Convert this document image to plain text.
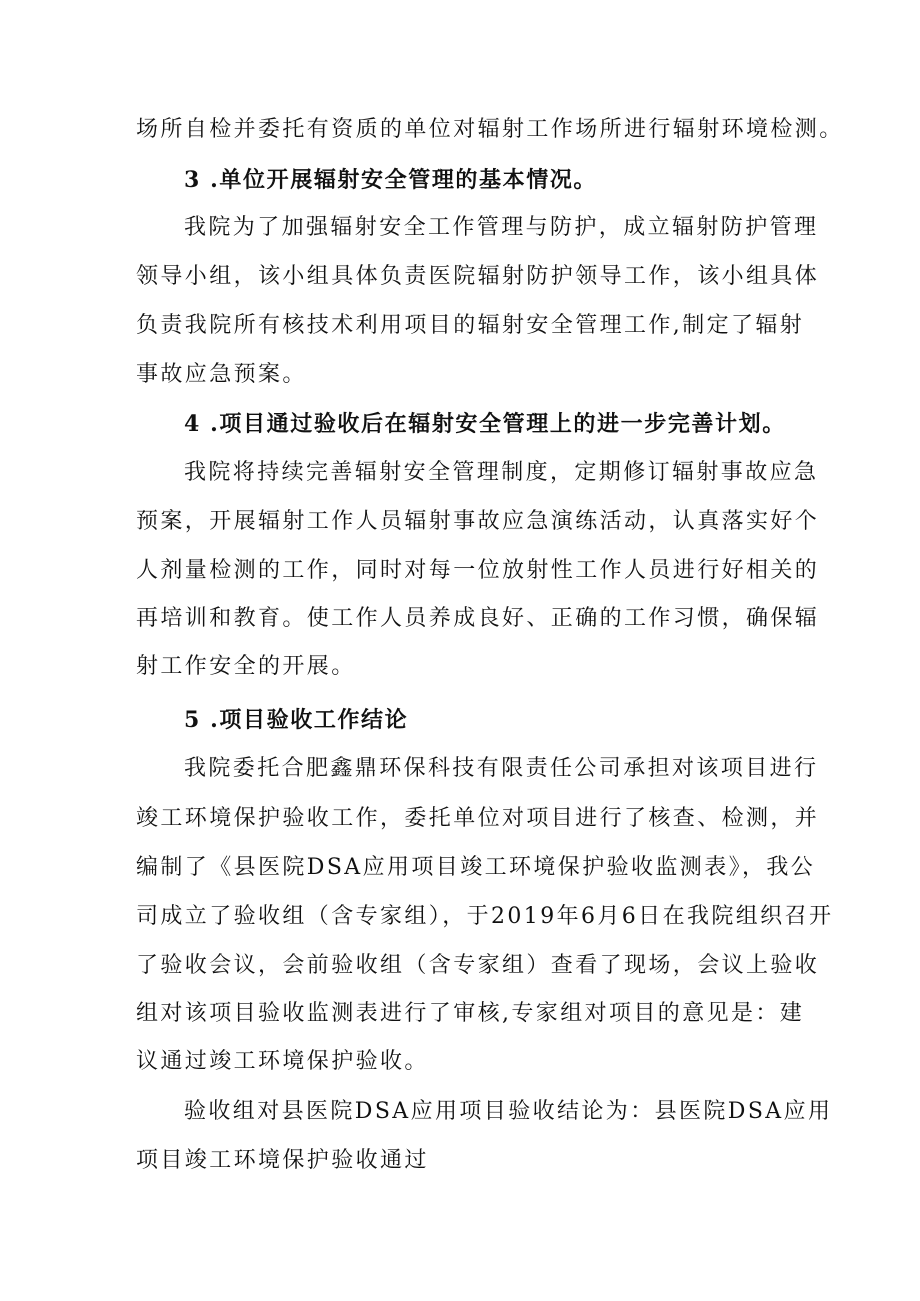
场所自检并委托有资质的单位对辐射工作场所进行辐射环境检测。
3 .单位开展辐射安全管理的基本情况。
我院为了加强辐射安全工作管理与防护，成立辐射防护管理
领导小组，该小组具体负责医院辐射防护领导工作，该小组具体
负责我院所有核技术利用项目的辐射安全管理工作,制定了辐射
事故应急预案。
4 .项目通过验收后在辐射安全管理上的进一步完善计划。
我院将持续完善辐射安全管理制度，定期修订辐射事故应急
预案，开展辐射工作人员辐射事故应急演练活动，认真落实好个
人剂量检测的工作，同时对每一位放射性工作人员进行好相关的
再培训和教育。使工作人员养成良好、正确的工作习惯，确保辐
射工作安全的开展。
5 .项目验收工作结论
我院委托合肥鑫鼎环保科技有限责任公司承担对该项目进行
竣工环境保护验收工作，委托单位对项目进行了核查、检测，并
编制了《县医院DSA应用项目竣工环境保护验收监测表》，我公
司成立了验收组（含专家组），于2019年6月6日在我院组织召开
了验收会议，会前验收组（含专家组）查看了现场，会议上验收
组对该项目验收监测表进行了审核,专家组对项目的意见是：建
议通过竣工环境保护验收。
验收组对县医院DSA应用项目验收结论为：县医院DSA应用
项目竣工环境保护验收通过
